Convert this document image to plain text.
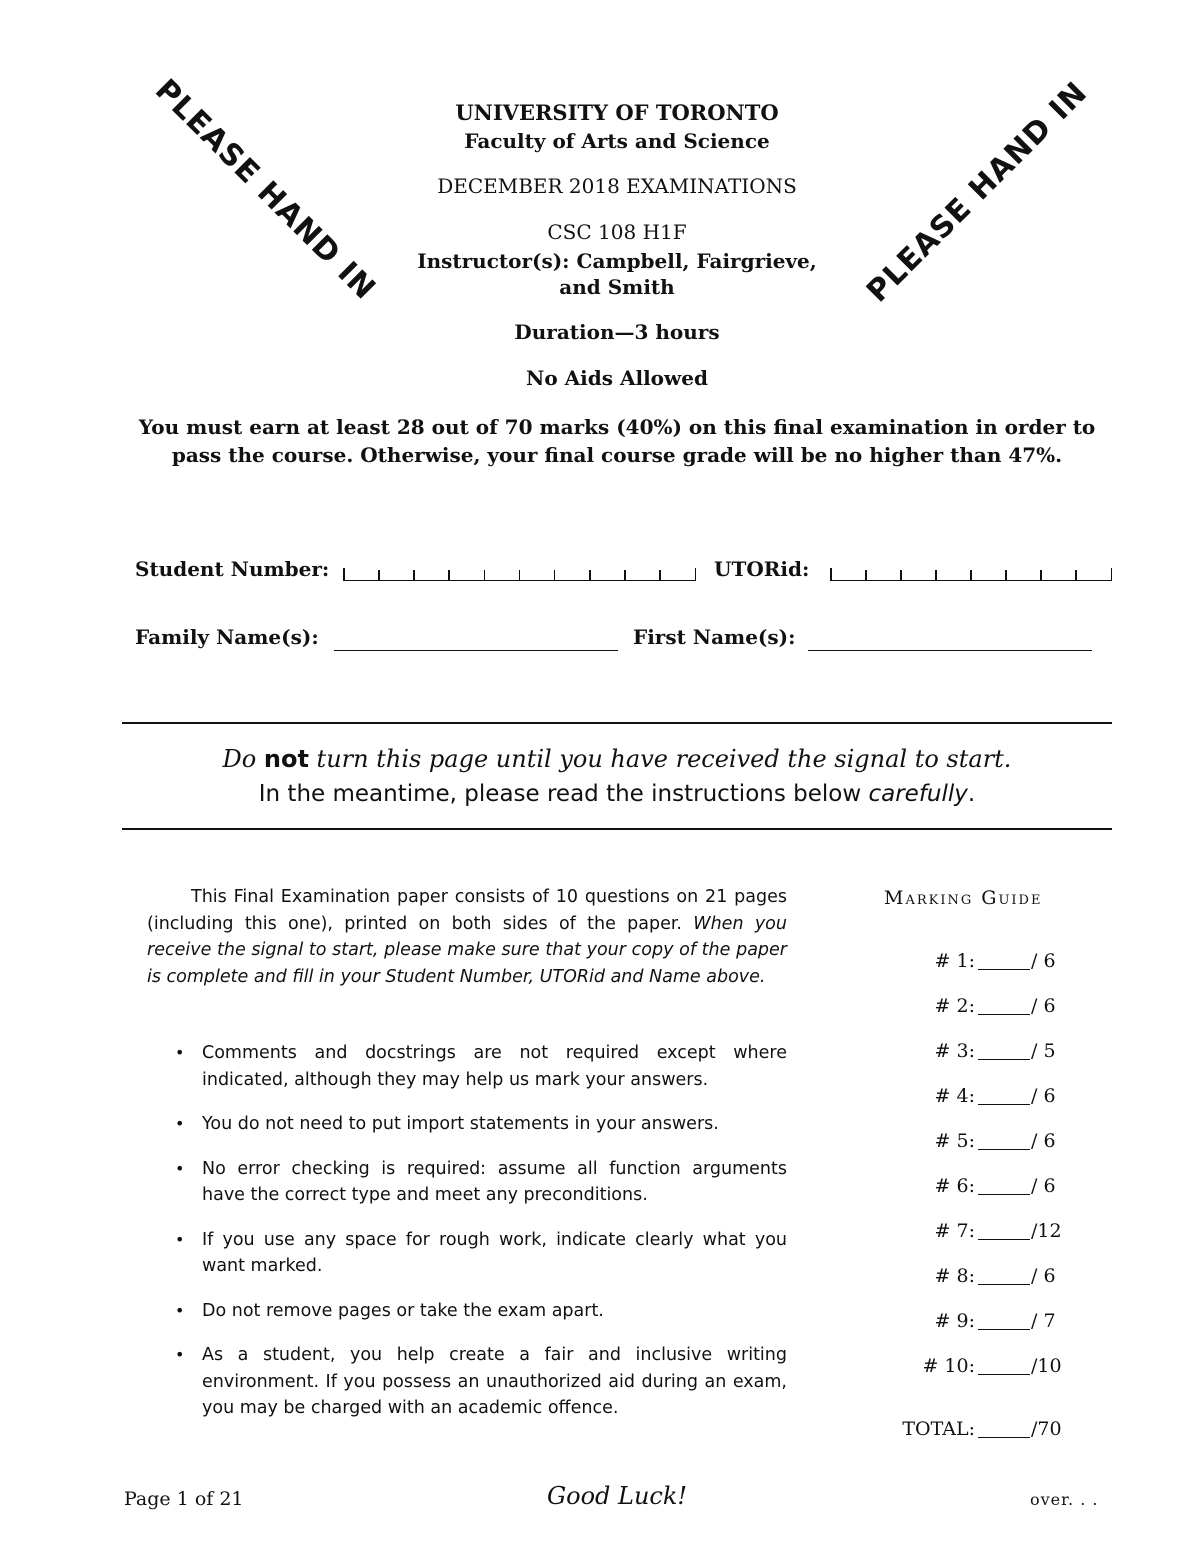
PLEASE HAND IN	PLEASE HAND IN
UNIVERSITY OF TORONTO
Faculty of Arts and Science
DECEMBER 2018 EXAMINATIONS
CSC 108 H1F
Instructor(s): Campbell, Fairgrieve,
and Smith
Duration—3 hours
No Aids Allowed
You must earn at least 28 out of 70 marks (40%) on this final examination in order to pass the course. Otherwise, your final course grade will be no higher than 47%.
Student Number:	UTORid:
Family Name(s):	First Name(s):
Do not turn this page until you have received the signal to start.
In the meantime, please read the instructions below carefully.
This Final Examination paper consists of 10 questions on 21 pages (including this one), printed on both sides of the paper. When you receive the signal to start, please make sure that your copy of the paper is complete and fill in your Student Number, UTORid and Name above.
• Comments and docstrings are not required except where indicated, although they may help us mark your answers.
• You do not need to put import statements in your answers.
• No error checking is required: assume all function arguments have the correct type and meet any preconditions.
• If you use any space for rough work, indicate clearly what you want marked.
• Do not remove pages or take the exam apart.
• As a student, you help create a fair and inclusive writing environment. If you possess an unauthorized aid during an exam, you may be charged with an academic offence.
Marking Guide
# 1:	/ 6
# 2:	/ 6
# 3:	/ 5
# 4:	/ 6
# 5:	/ 6
# 6:	/ 6
# 7:	/12
# 8:	/ 6
# 9:	/ 7
# 10:	/10
TOTAL:	/70
Page 1 of 21	Good Luck!	over. . .
